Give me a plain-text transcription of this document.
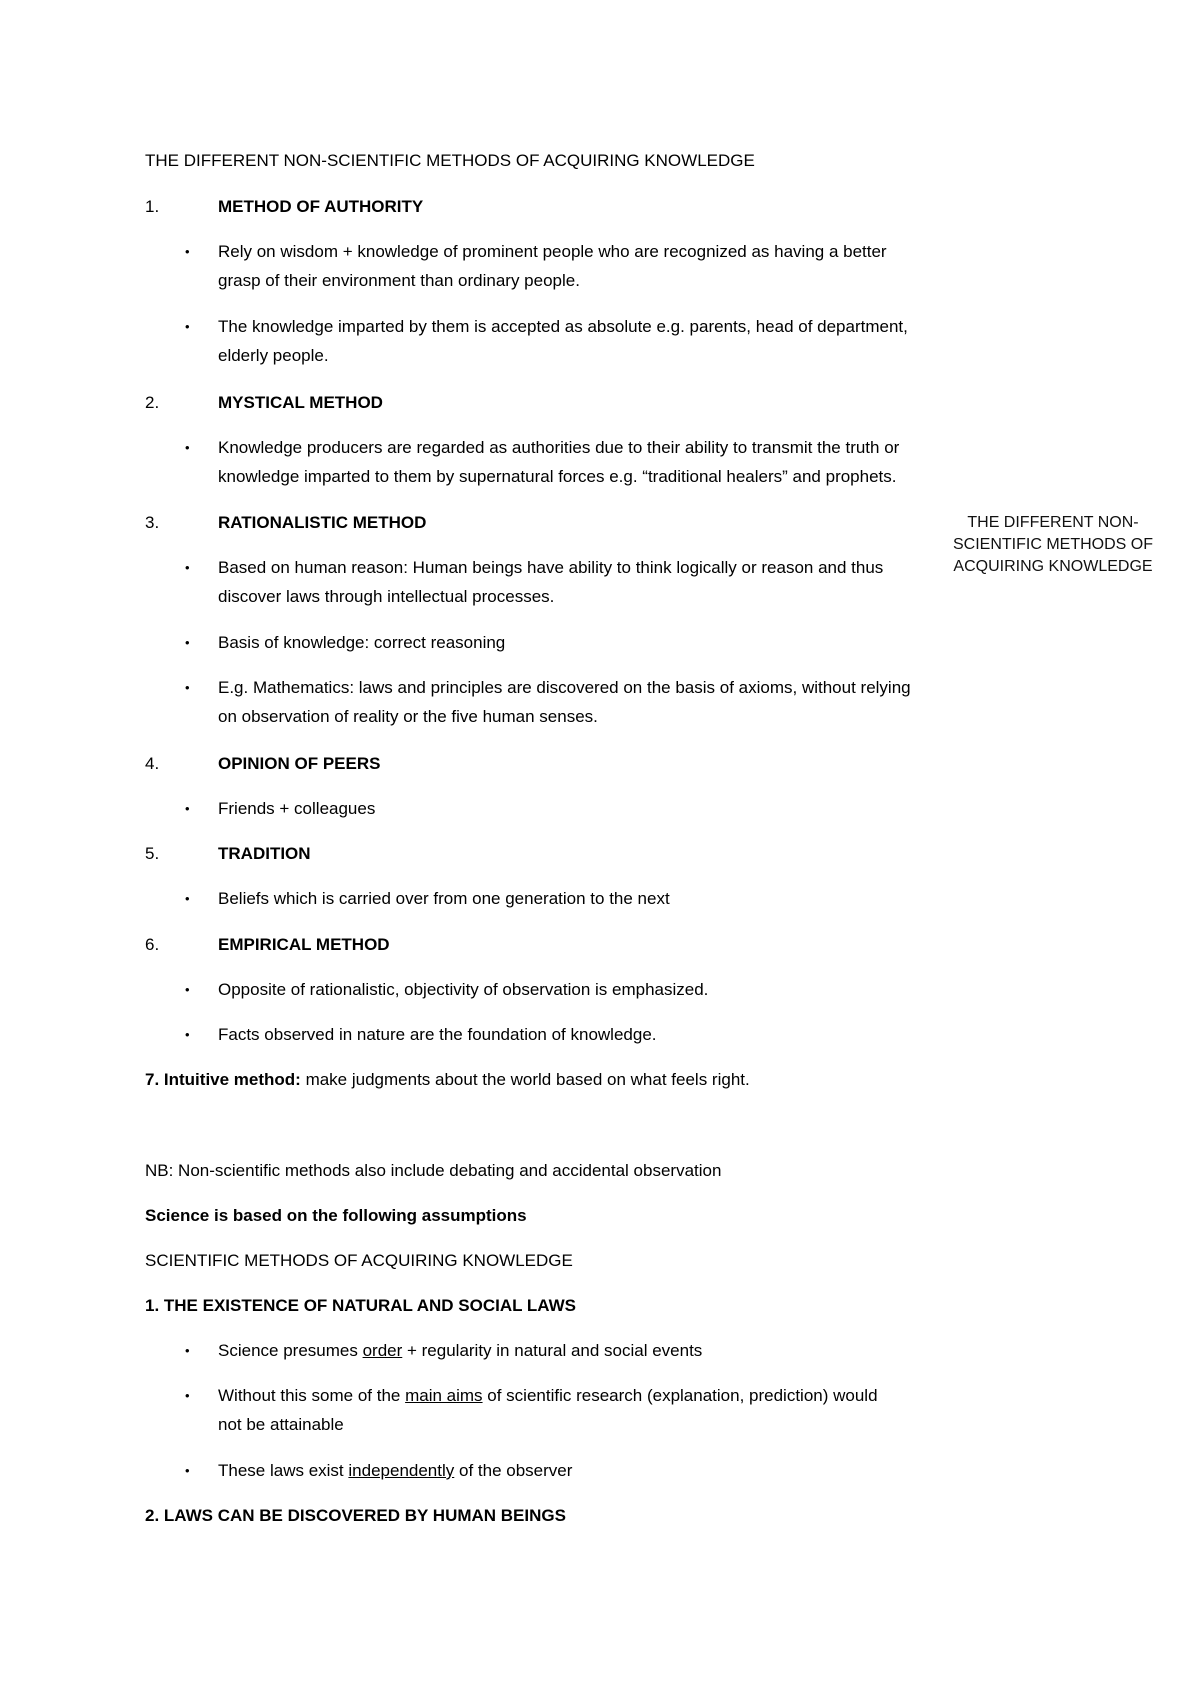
THE DIFFERENT NON-SCIENTIFIC METHODS OF ACQUIRING KNOWLEDGE
1.	METHOD OF AUTHORITY
• Rely on wisdom + knowledge of prominent people who are recognized as having a better
grasp of their environment than ordinary people.
• The knowledge imparted by them is accepted as absolute e.g. parents, head of department,
elderly people.
2.	MYSTICAL METHOD
• Knowledge producers are regarded as authorities due to their ability to transmit the truth or
knowledge imparted to them by supernatural forces e.g. “traditional healers” and prophets.
3.	RATIONALISTIC METHOD
• Based on human reason: Human beings have ability to think logically or reason and thus
discover laws through intellectual processes.
• Basis of knowledge: correct reasoning
• E.g. Mathematics: laws and principles are discovered on the basis of axioms, without relying
on observation of reality or the five human senses.
4.	OPINION OF PEERS
• Friends + colleagues
5.	TRADITION
• Beliefs which is carried over from one generation to the next
6.	EMPIRICAL METHOD
• Opposite of rationalistic, objectivity of observation is emphasized.
• Facts observed in nature are the foundation of knowledge.
7. Intuitive method: make judgments about the world based on what feels right.
NB: Non-scientific methods also include debating and accidental observation
Science is based on the following assumptions
SCIENTIFIC METHODS OF ACQUIRING KNOWLEDGE
1. THE EXISTENCE OF NATURAL AND SOCIAL LAWS
• Science presumes order + regularity in natural and social events
• Without this some of the main aims of scientific research (explanation, prediction) would
not be attainable
• These laws exist independently of the observer
2. LAWS CAN BE DISCOVERED BY HUMAN BEINGS
THE DIFFERENT NON-
SCIENTIFIC METHODS OF
ACQUIRING KNOWLEDGE
